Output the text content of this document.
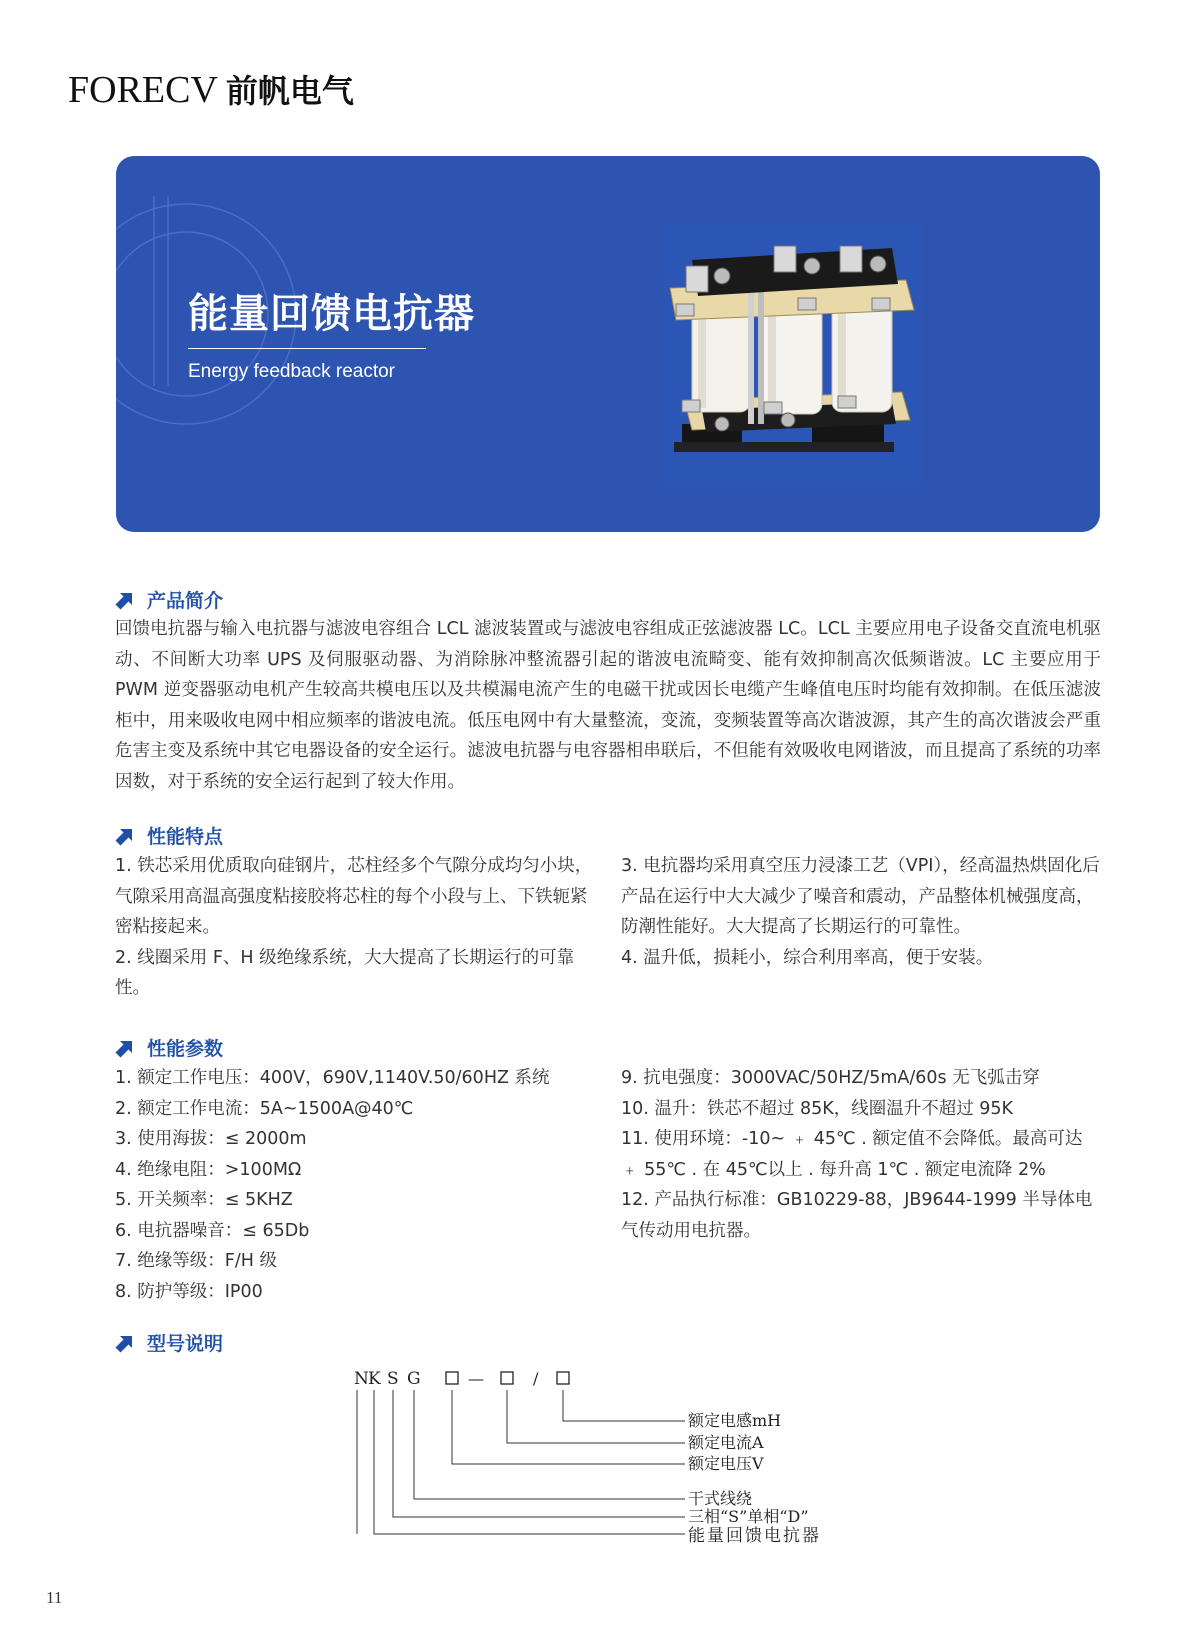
FORECV 前帆电气
能量回馈电抗器
Energy feedback reactor
产品简介
回馈电抗器与输入电抗器与滤波电容组合 LCL 滤波装置或与滤波电容组成正弦滤波器 LC。LCL 主要应用电子设备交直流电机驱动、不间断大功率 UPS 及伺服驱动器、为消除脉冲整流器引起的谐波电流畸变、能有效抑制高次低频谐波。LC 主要应用于 PWM 逆变器驱动电机产生较高共模电压以及共模漏电流产生的电磁干扰或因长电缆产生峰值电压时均能有效抑制。在低压滤波柜中，用来吸收电网中相应频率的谐波电流。低压电网中有大量整流，变流，变频装置等高次谐波源，其产生的高次谐波会严重危害主变及系统中其它电器设备的安全运行。滤波电抗器与电容器相串联后，不但能有效吸收电网谐波，而且提高了系统的功率因数，对于系统的安全运行起到了较大作用。
性能特点

1. 铁芯采用优质取向硅钢片，芯柱经多个气隙分成均匀小块，气隙采用高温高强度粘接胶将芯柱的每个小段与上、下铁轭紧密粘接起来。

2. 线圈采用 F、H 级绝缘系统，大大提高了长期运行的可靠性。

3. 电抗器均采用真空压力浸漆工艺（VPI），经高温热烘固化后产品在运行中大大减少了噪音和震动，产品整体机械强度高，防潮性能好。大大提高了长期运行的可靠性。

4. 温升低，损耗小，综合利用率高，便于安装。

性能参数

1. 额定工作电压：400V，690V,1140V.50/60HZ 系统

2. 额定工作电流：5A~1500A@40℃

3. 使用海拔：≤ 2000m

4. 绝缘电阻：>100MΩ

5. 开关频率：≤ 5KHZ

6. 电抗器噪音：≤ 65Db

7. 绝缘等级：F/H 级

8. 防护等级：IP00

9. 抗电强度：3000VAC/50HZ/5mA/60s 无飞弧击穿

10. 温升：铁芯不超过 85K，线圈温升不超过 95K

11. 使用环境：-10~ ﹢ 45℃ . 额定值不会降低。最高可达 ﹢ 55℃ . 在 45℃以上 . 每升高 1℃ . 额定电流降 2%

12. 产品执行标准：GB10229-88，JB9644-1999 半导体电气传动用电抗器。

型号说明
N K S G	—	/
额定电感mH
额定电流A
额定电压V
干式线绕
三相“S”单相“D”
能量回馈电抗器
11
